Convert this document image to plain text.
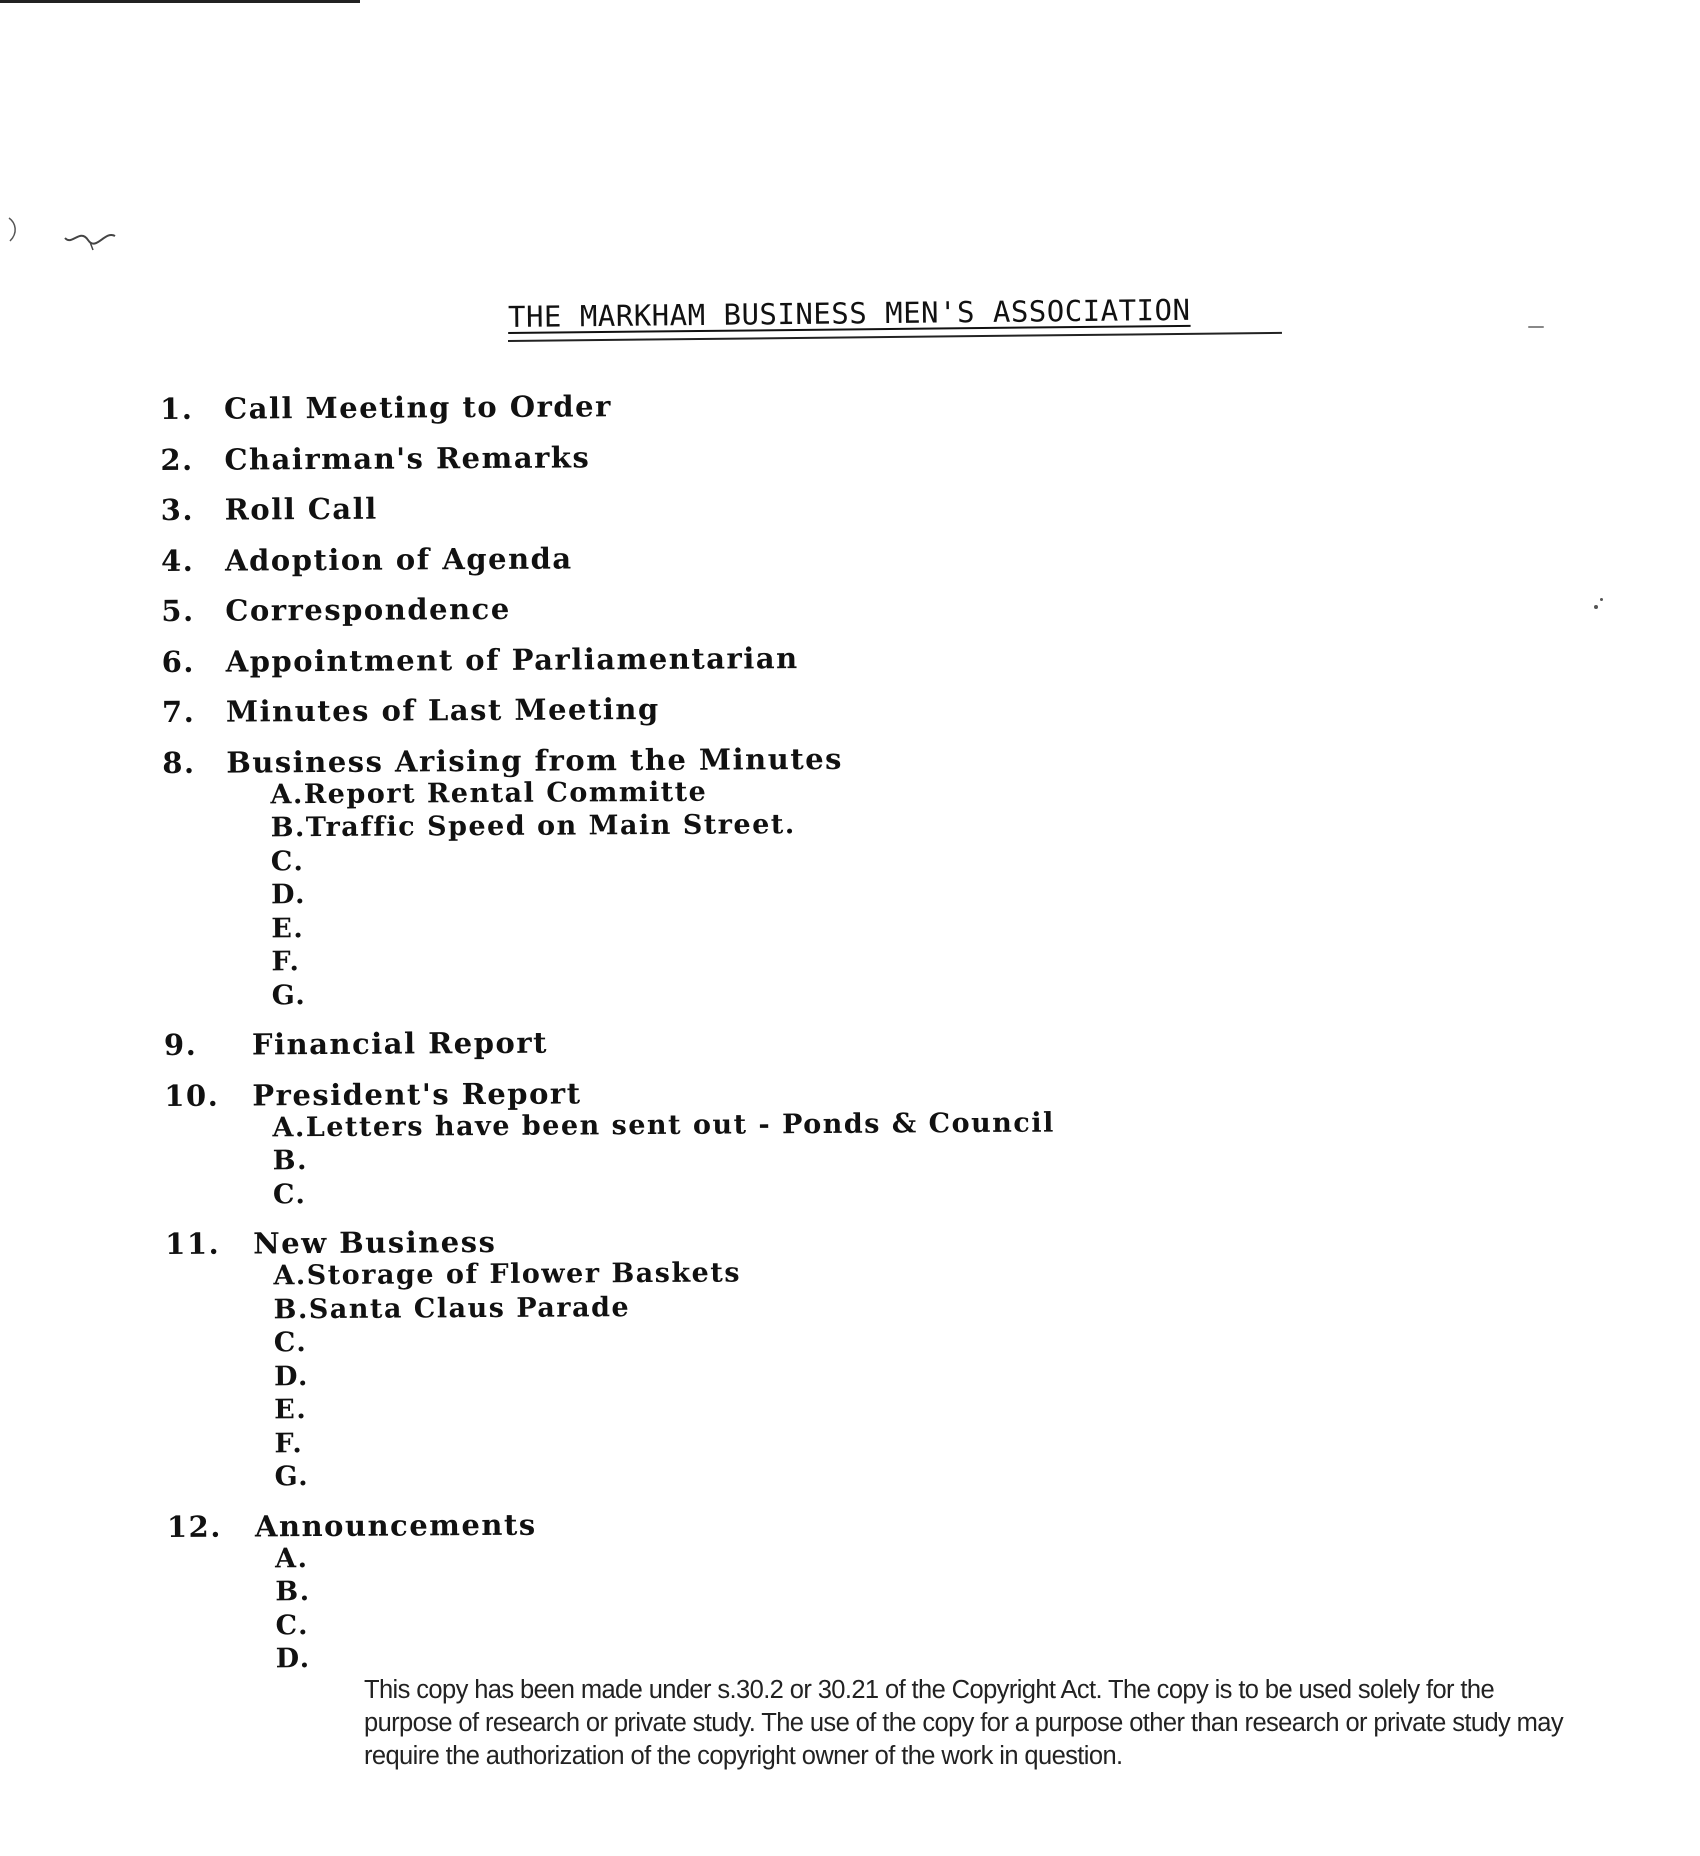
THE MARKHAM BUSINESS MEN'S ASSOCIATION
1.	Call Meeting to Order
2.	Chairman's Remarks
3.	Roll Call
4.	Adoption of Agenda
5.	Correspondence
6.	Appointment of Parliamentarian
7.	Minutes of Last Meeting
8.	Business Arising from the Minutes
A.Report Rental Committe
B.Traffic Speed on Main Street.
C.
D.
E.
F.
G.
9.	Financial Report
10.	President's Report
A.Letters have been sent out - Ponds & Council
B.
C.
11.	New Business
A.Storage of Flower Baskets
B.Santa Claus Parade
C.
D.
E.
F.
G.
12.	Announcements
A.
B.
C.
D.
This copy has been made under s.30.2 or 30.21 of the Copyright Act. The copy is to be used solely for the purpose of research or private study. The use of the copy for a purpose other than research or private study may require the authorization of the copyright owner of the work in question.
